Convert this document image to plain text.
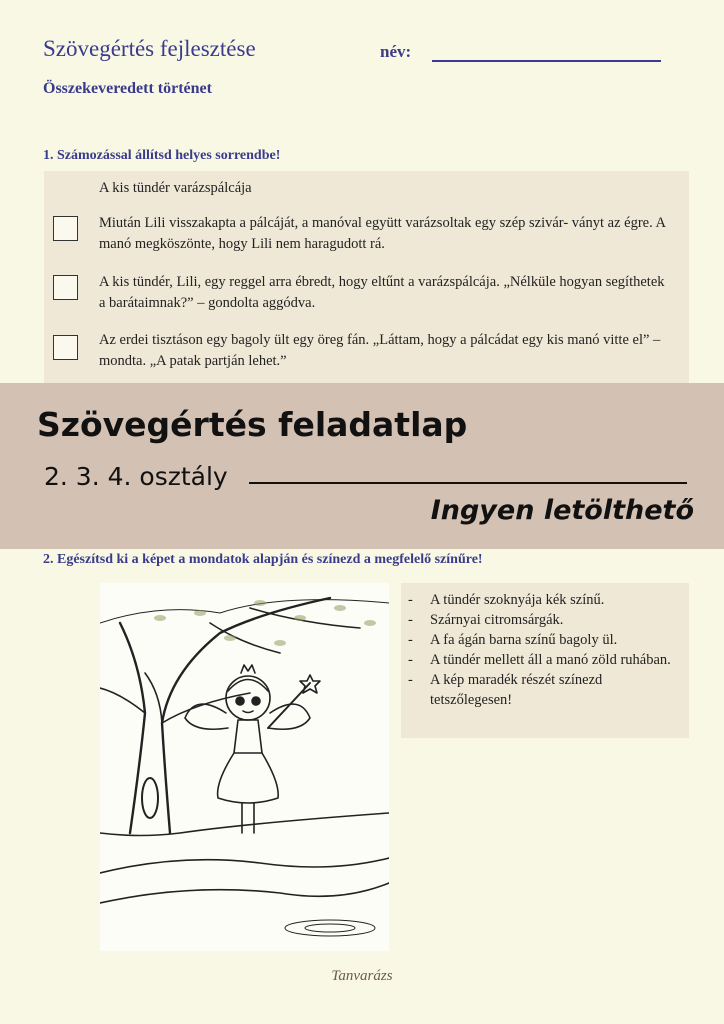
Szövegértés fejlesztése	név:
Összekeveredett történet
1. Számozással állítsd helyes sorrendbe!
A kis tündér varázspálcája
Miután Lili visszakapta a pálcáját, a manóval együtt varázsoltak egy szép szivár- ványt az égre. A manó megköszönte, hogy Lili nem haragudott rá.
A kis tündér, Lili, egy reggel arra ébredt, hogy eltűnt a varázspálcája. „Nélküle hogyan segíthetek a barátaimnak?” – gondolta aggódva.
Az erdei tisztáson egy bagoly ült egy öreg fán. „Láttam, hogy a pálcádat egy kis manó vitte el” – mondta. „A patak partján lehet.”
Szövegértés feladatlap
2. 3. 4. osztály
Ingyen letölthető
2. Egészítsd ki a képet a mondatok alapján és színezd a megfelelő színűre!
-	A tündér szoknyája kék színű.
-	Szárnyai citromsárgák.
-	A fa ágán barna színű bagoly ül.
-	A tündér mellett áll a manó zöld ruhában.
-	A kép maradék részét színezd tetszőlegesen!
Tanvarázs
